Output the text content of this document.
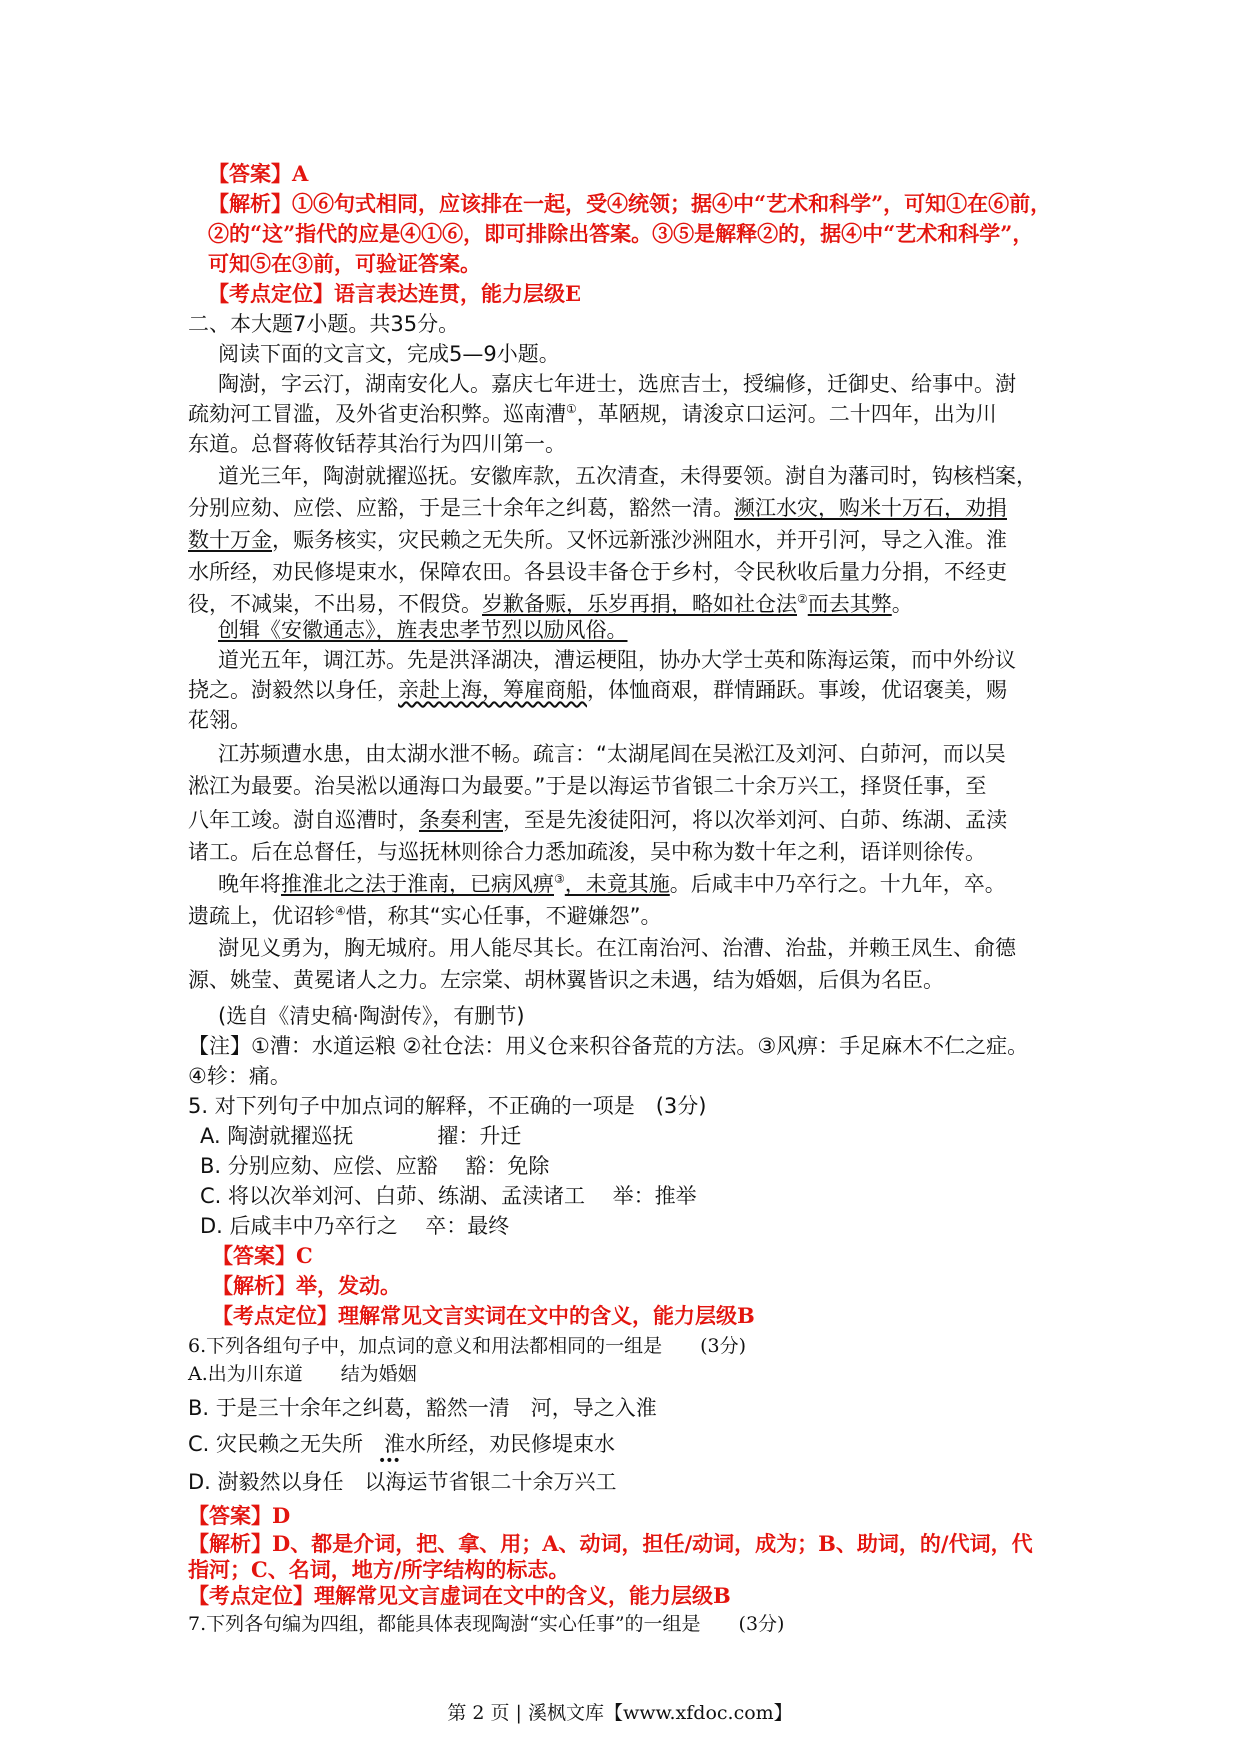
【答案】A
【解析】①⑥句式相同，应该排在一起，受④统领；据④中“艺术和科学”，可知①在⑥前，
②的“这”指代的应是④①⑥，即可排除出答案。③⑤是解释②的，据④中“艺术和科学”，
可知⑤在③前，可验证答案。
【考点定位】语言表达连贯，能力层级E
二、本大题7小题。共35分。
阅读下面的文言文，完成5—9小题。
陶澍，字云汀，湖南安化人。嘉庆七年进士，选庶吉士，授编修，迁御史、给事中。澍
疏劾河工冒滥，及外省吏治积弊。巡南漕①，革陋规，请浚京口运河。二十四年，出为川
东道。总督蒋攸铦荐其治行为四川第一。
道光三年，陶澍就擢巡抚。安徽库款，五次清查，未得要领。澍自为藩司时，钩核档案，
分别应劾、应偿、应豁，于是三十余年之纠葛，豁然一清。濒江水灾，购米十万石，劝捐
数十万金，赈务核实，灾民赖之无失所。又怀远新涨沙洲阻水，并开引河，导之入淮。淮
水所经，劝民修堤束水，保障农田。各县设丰备仓于乡村，令民秋收后量力分捐，不经吏
役，不减粜，不出易，不假贷。岁歉备赈，乐岁再捐，略如社仓法②而去其弊。
创辑《安徽通志》，旌表忠孝节烈以励风俗。
道光五年，调江苏。先是洪泽湖决，漕运梗阻，协办大学士英和陈海运策，而中外纷议
挠之。澍毅然以身任，亲赴上海，筹雇商船，体恤商艰，群情踊跃。事竣，优诏褒美，赐
花翎。
江苏频遭水患，由太湖水泄不畅。疏言：“太湖尾闾在吴淞江及刘河、白茆河，而以吴
淞江为最要。治吴淞以通海口为最要。”于是以海运节省银二十余万兴工，择贤任事，至
八年工竣。澍自巡漕时，条奏利害，至是先浚徒阳河，将以次举刘河、白茆、练湖、孟渎
诸工。后在总督任，与巡抚林则徐合力悉加疏浚，吴中称为数十年之利，语详则徐传。
晚年将推淮北之法于淮南，已病风痹③，未竟其施。后咸丰中乃卒行之。十九年，卒。
遗疏上，优诏轸④惜，称其“实心任事，不避嫌怨”。
澍见义勇为，胸无城府。用人能尽其长。在江南治河、治漕、治盐，并赖王凤生、俞德
源、姚莹、黄冕诸人之力。左宗棠、胡林翼皆识之未遇，结为婚姻，后俱为名臣。
(选自《清史稿·陶澍传》，有删节)
【注】①漕：水道运粮 ②社仓法：用义仓来积谷备荒的方法。③风痹：手足麻木不仁之症。
④轸：痛。
5. 对下列句子中加点词的解释，不正确的一项是　(3分)
A. 陶澍就擢巡抚　　　　擢：升迁
B. 分别应劾、应偿、应豁　 豁：免除
C. 将以次举刘河、白茆、练湖、孟渎诸工　 举：推举
D. 后咸丰中乃卒行之　 卒：最终
【答案】C
【解析】举，发动。
【考点定位】理解常见文言实词在文中的含义，能力层级B
6.下列各组句子中，加点词的意义和用法都相同的一组是　　(3分)
A.出为川东道　　结为婚姻
B. 于是三十余年之纠葛，豁然一清　河，导之入淮
C. 灾民赖之无失所　淮水所经，劝民修堤束水
•••
D. 澍毅然以身任　以海运节省银二十余万兴工
【答案】D
【解析】D、都是介词，把、拿、用；A、动词，担任/动词，成为；B、助词，的/代词，代
指河；C、名词，地方/所字结构的标志。
【考点定位】理解常见文言虚词在文中的含义，能力层级B
7.下列各句编为四组，都能具体表现陶澍“实心任事”的一组是　　(3分)
第 2 页 | 溪枫文库【www.xfdoc.com】
